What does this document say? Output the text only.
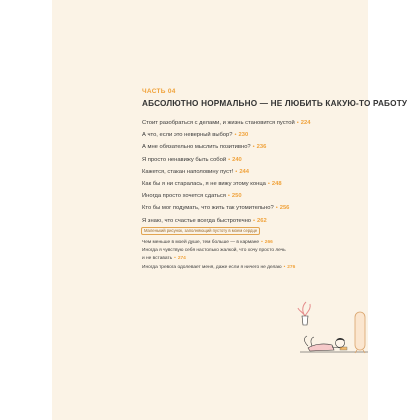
ЧАСТЬ 04
АБСОЛЮТНО НОРМАЛЬНО — НЕ ЛЮБИТЬ КАКУЮ-ТО РАБОТУ
Стоит разобраться с делами, и жизнь становится пустой • 224
А что, если это неверный выбор? • 230
А мне обязательно мыслить позитивно? • 236
Я просто ненавижу быть собой • 240
Кажется, стакан наполовину пуст! • 244
Как бы я ни старалась, я не вижу этому конца • 248
Иногда просто хочется сдаться • 250
Кто бы мог подумать, что жить так утомительно? • 256
Я знаю, что счастье всегда быстротечно • 262
Маленький рисунок, заполняющий пустоту в моем сердце
Чем меньше в моей душе, тем больше — в кармане • 266
Иногда я чувствую себя настолько жалкой, что хочу просто лечь
и не вставать • 274
Иногда тревога одолевает меня, даже если я ничего не делаю • 276
